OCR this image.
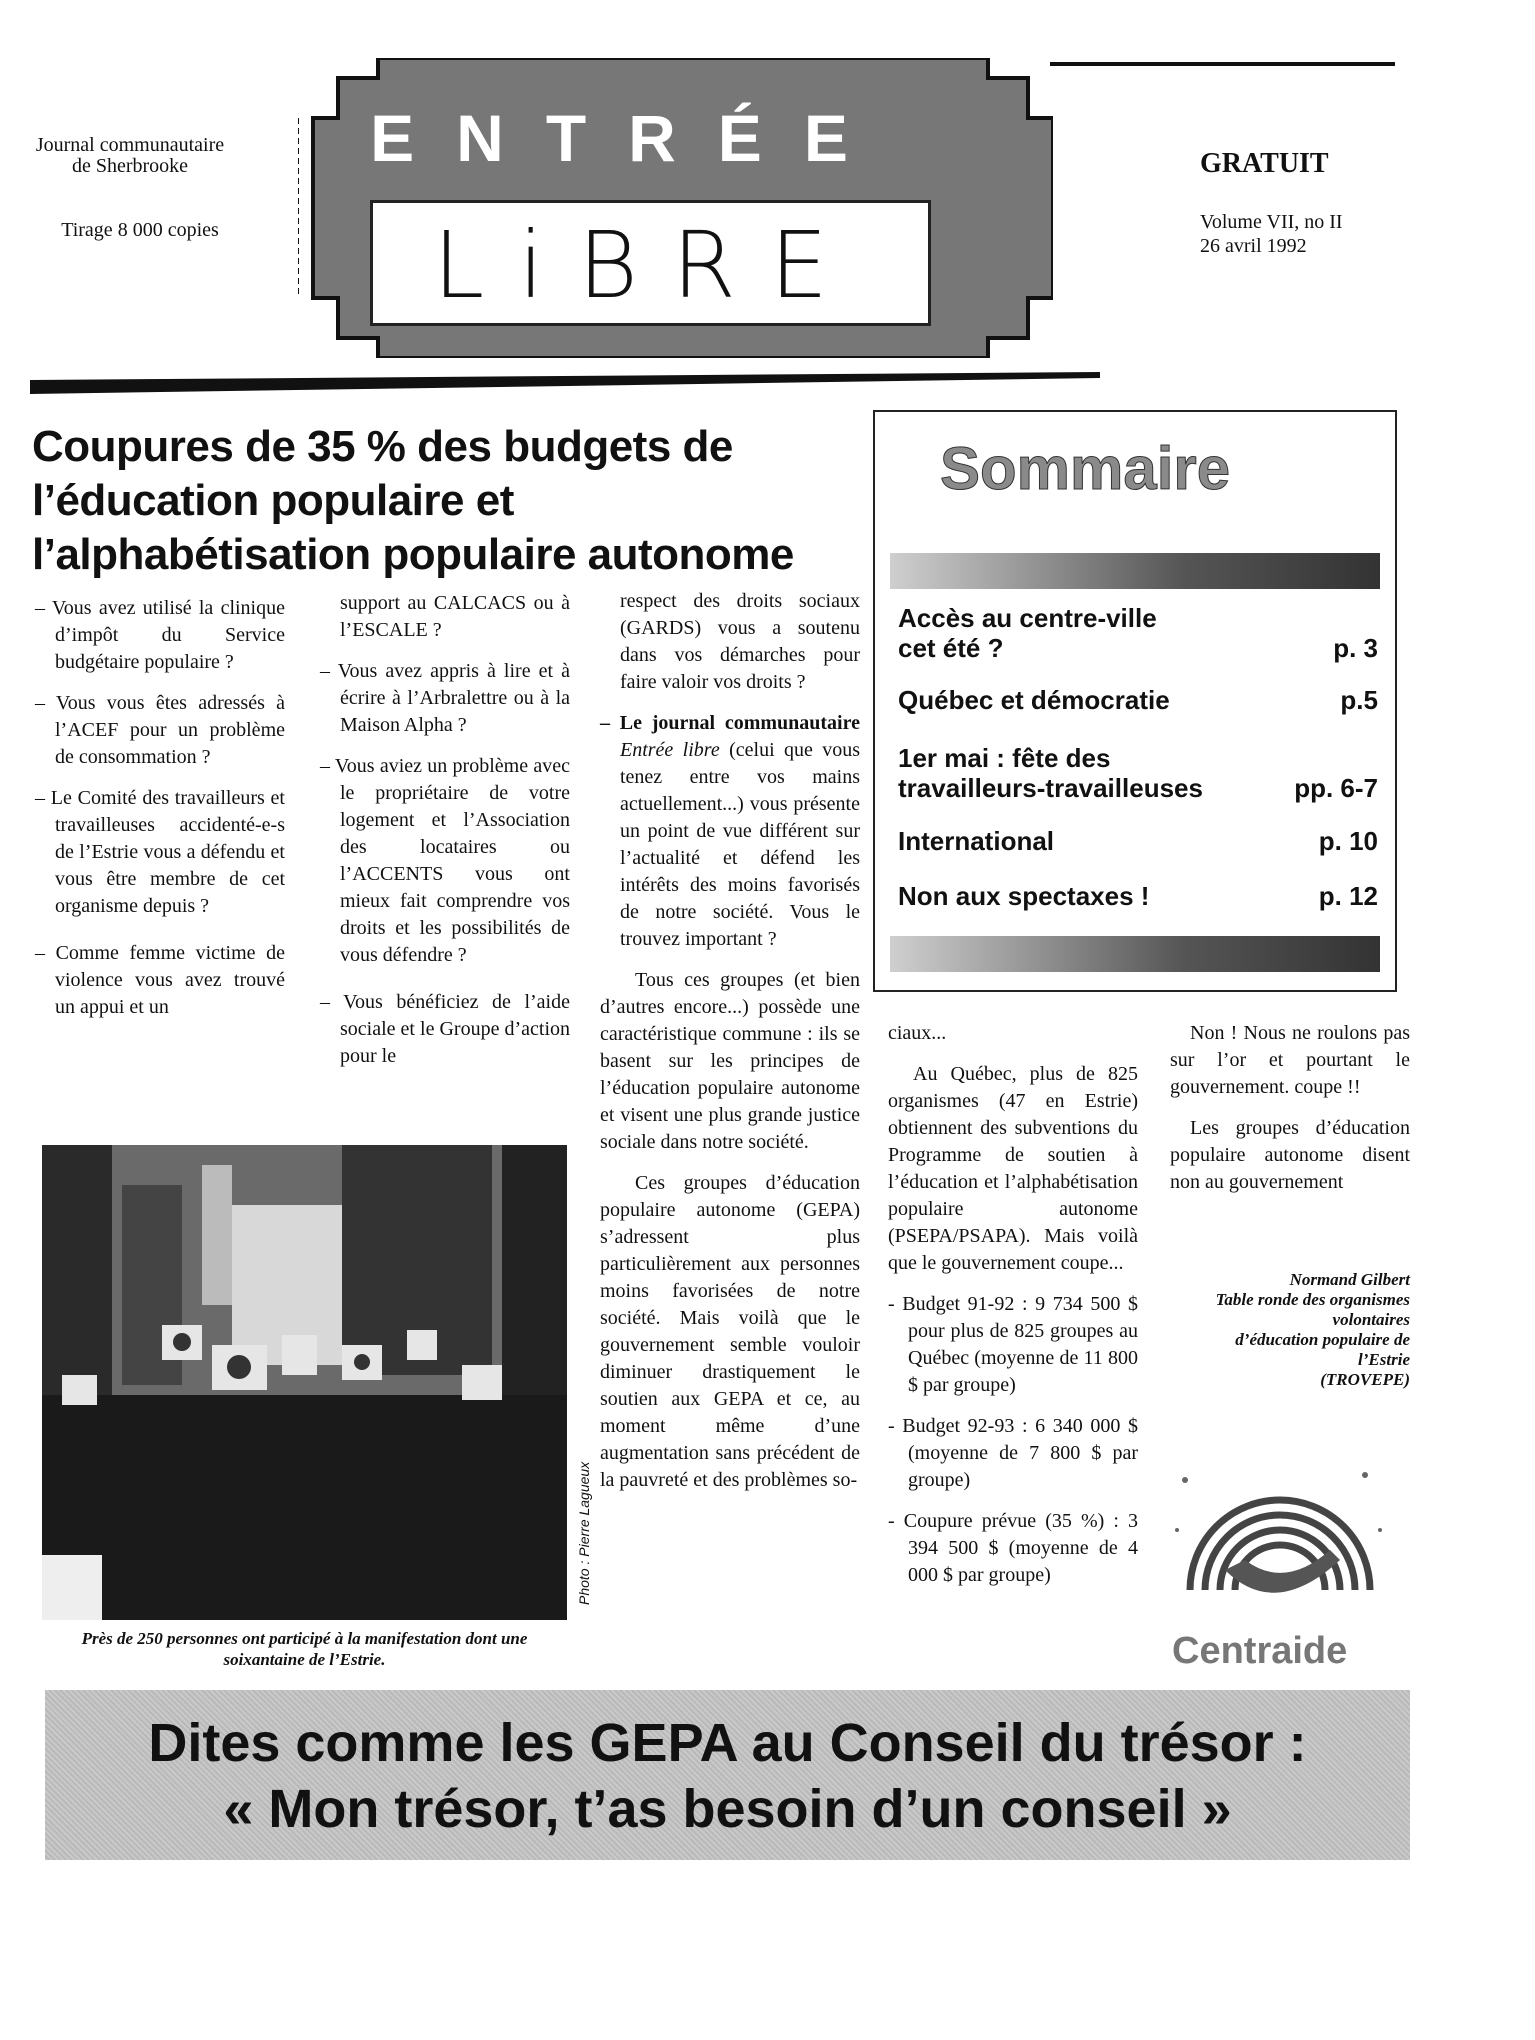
Journal communautaire
de Sherbrooke
Tirage 8 000 copies
ENTRÉE
LiBRE
GRATUIT
Volume VII, no II
26 avril 1992
Coupures de 35 % des budgets de
l’éducation populaire et
l’alphabétisation populaire autonome

– Vous avez utilisé la clinique d’impôt du Service budgétaire populaire ?

– Vous vous êtes adressés à l’ACEF pour un problème de consommation ?

– Le Comité des travailleurs et travailleuses accidenté-e-s de l’Estrie vous a défendu et vous être membre de cet organisme depuis ?

– Comme femme victime de violence vous avez trouvé un appui et un

support au CALCACS ou à l’ESCALE ?

– Vous avez appris à lire et à écrire à l’Arbralettre ou à la Maison Alpha ?

– Vous aviez un problème avec le propriétaire de votre logement et l’Association des locataires ou l’ACCENTS vous ont mieux fait comprendre vos droits et les possibilités de vous défendre ?

– Vous bénéficiez de l’aide sociale et le Groupe d’action pour le

respect des droits sociaux (GARDS) vous a soutenu dans vos démarches pour faire valoir vos droits ?

– Le journal communautaire Entrée libre (celui que vous tenez entre vos mains actuellement...) vous présente un point de vue différent sur l’actualité et défend les intérêts des moins favorisés de notre société. Vous le trouvez important ?

Tous ces groupes (et bien d’autres encore...) possède une caractéristique commune : ils se basent sur les principes de l’éducation populaire autonome et visent une plus grande justice sociale dans notre société.

Ces groupes d’éducation populaire autonome (GEPA) s’adressent plus particulièrement aux personnes moins favorisées de notre société. Mais voilà que le gouvernement semble vouloir diminuer drastiquement le soutien aux GEPA et ce, au moment même d’une augmentation sans précédent de la pauvreté et des problèmes so-

ciaux...

Au Québec, plus de 825 organismes (47 en Estrie) obtiennent des subventions du Programme de soutien à l’éducation et l’alphabétisation populaire autonome (PSEPA/PSAPA). Mais voilà que le gouvernement coupe...

- Budget 91-92 : 9 734 500 $ pour plus de 825 groupes au Québec (moyenne de 11 800 $ par groupe)

- Budget 92-93 : 6 340 000 $ (moyenne de 7 800 $ par groupe)

- Coupure prévue (35 %) : 3 394 500 $ (moyenne de 4 000 $ par groupe)

Non ! Nous ne roulons pas sur l’or et pourtant le gouvernement. coupe !!

Les groupes d’éducation populaire autonome disent non au gouvernement

Normand Gilbert
Table ronde des organismes
volontaires
d’éducation populaire de
l’Estrie
(TROVEPE)
Centraide
Sommaire
Accès au centre-ville
cet été ?	p. 3
Québec et démocratie	p.5
1er mai : fête des
travailleurs-travailleuses	pp. 6-7
International	p. 10
Non aux spectaxes !	p. 12
Près de 250 personnes ont participé à la manifestation dont une
soixantaine de l’Estrie.
Photo : Pierre Lagueux
Dites comme les GEPA au Conseil du trésor :
« Mon trésor, t’as besoin d’un conseil »
